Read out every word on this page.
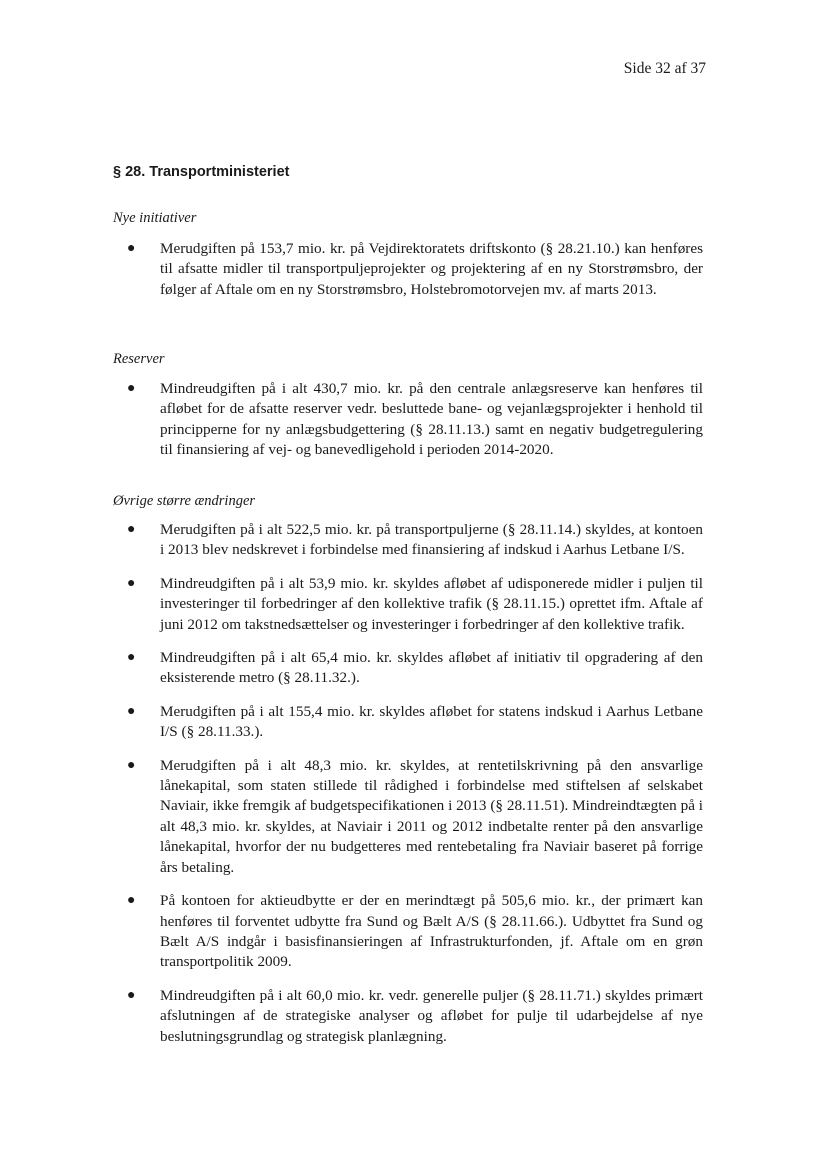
Side 32 af 37
§ 28. Transportministeriet
Nye initiativer
● Merudgiften på 153,7 mio. kr. på Vejdirektoratets driftskonto (§ 28.21.10.) kan henføres til afsatte midler til transportpuljeprojekter og projektering af en ny Storstrømsbro, der følger af Aftale om en ny Storstrømsbro, Holstebromotorvejen mv. af marts 2013.
Reserver
● Mindreudgiften på i alt 430,7 mio. kr. på den centrale anlægsreserve kan henføres til afløbet for de afsatte reserver vedr. besluttede bane- og vejanlægsprojekter i henhold til principperne for ny anlægsbudgettering (§ 28.11.13.) samt en negativ budgetregulering til finansiering af vej- og banevedligehold i perioden 2014-2020.
Øvrige større ændringer
● Merudgiften på i alt 522,5 mio. kr. på transportpuljerne (§ 28.11.14.) skyldes, at kontoen i 2013 blev nedskrevet i forbindelse med finansiering af indskud i Aarhus Letbane I/S.
● Mindreudgiften på i alt 53,9 mio. kr. skyldes afløbet af udisponerede midler i puljen til investeringer til forbedringer af den kollektive trafik (§ 28.11.15.) oprettet ifm. Aftale af juni 2012 om takstnedsættelser og investeringer i forbedringer af den kollektive trafik.
● Mindreudgiften på i alt 65,4 mio. kr. skyldes afløbet af initiativ til opgradering af den eksisterende metro (§ 28.11.32.).
● Merudgiften på i alt 155,4 mio. kr. skyldes afløbet for statens indskud i Aarhus Letbane I/S (§ 28.11.33.).
● Merudgiften på i alt 48,3 mio. kr. skyldes, at rentetilskrivning på den ansvarlige lånekapital, som staten stillede til rådighed i forbindelse med stiftelsen af selskabet Naviair, ikke fremgik af budgetspecifikationen i 2013 (§ 28.11.51). Mindreindtægten på i alt 48,3 mio. kr. skyldes, at Naviair i 2011 og 2012 indbetalte renter på den ansvarlige lånekapital, hvorfor der nu budgetteres med rentebetaling fra Naviair baseret på forrige års betaling.
● På kontoen for aktieudbytte er der en merindtægt på 505,6 mio. kr., der primært kan henføres til forventet udbytte fra Sund og Bælt A/S (§ 28.11.66.). Udbyttet fra Sund og Bælt A/S indgår i basisfinansieringen af Infrastrukturfonden, jf. Aftale om en grøn transportpolitik 2009.
● Mindreudgiften på i alt 60,0 mio. kr. vedr. generelle puljer (§ 28.11.71.) skyldes primært afslutningen af de strategiske analyser og afløbet for pulje til udarbejdelse af nye beslutningsgrundlag og strategisk planlægning.
